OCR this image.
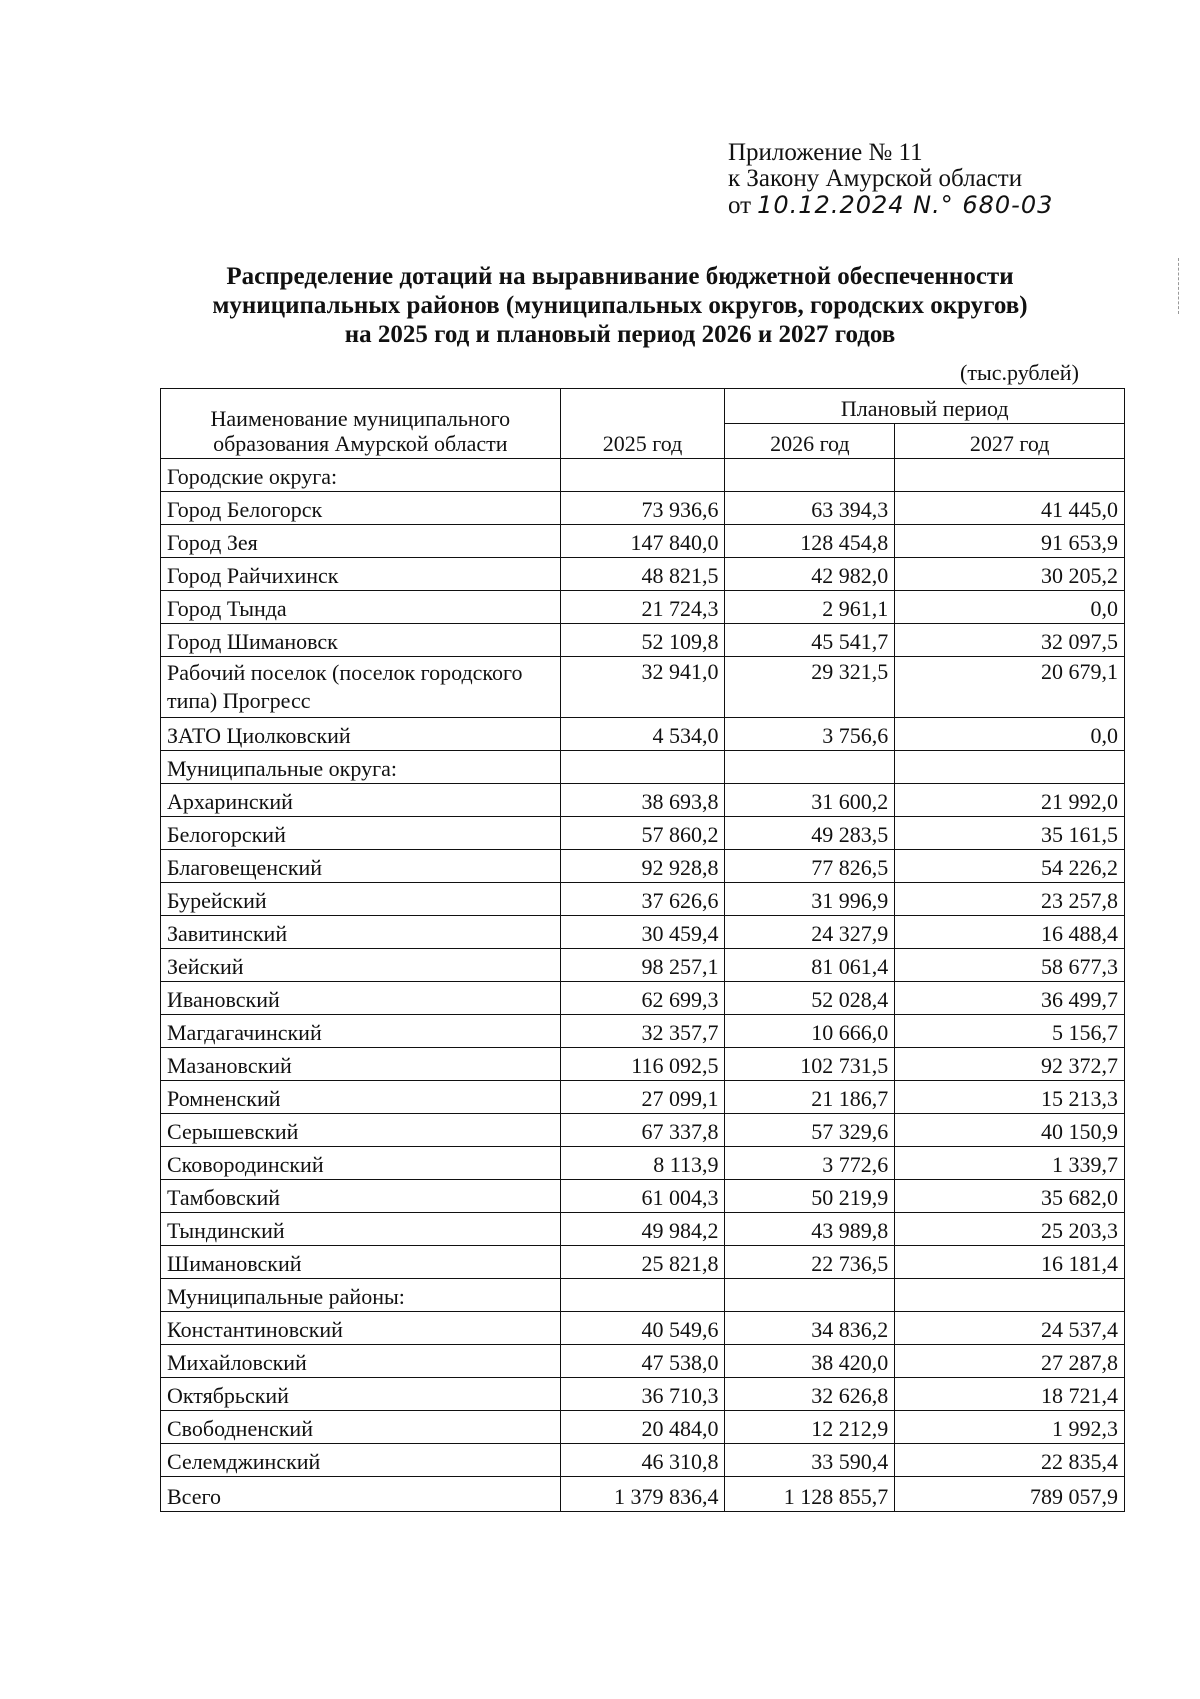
Приложение № 11
к Закону Амурской области
от 10.12.2024 N.° 680-03
Распределение дотаций на выравнивание бюджетной обеспеченности
муниципальных районов (муниципальных округов, городских округов)
на 2025 год и плановый период 2026 и 2027 годов
(тыс.рублей)
Наименование муниципального образования Амурской области	2025 год	Плановый период	
		2026 год	2027 год
Городские округа:			
Город Белогорск	73 936,6	63 394,3	41 445,0
Город Зея	147 840,0	128 454,8	91 653,9
Город Райчихинск	48 821,5	42 982,0	30 205,2
Город Тында	21 724,3	2 961,1	0,0
Город Шимановск	52 109,8	45 541,7	32 097,5
Рабочий поселок (поселок городского типа) Прогресс	32 941,0	29 321,5	20 679,1
ЗАТО Циолковский	4 534,0	3 756,6	0,0
Муниципальные округа:			
Архаринский	38 693,8	31 600,2	21 992,0
Белогорский	57 860,2	49 283,5	35 161,5
Благовещенский	92 928,8	77 826,5	54 226,2
Бурейский	37 626,6	31 996,9	23 257,8
Завитинский	30 459,4	24 327,9	16 488,4
Зейский	98 257,1	81 061,4	58 677,3
Ивановский	62 699,3	52 028,4	36 499,7
Магдагачинский	32 357,7	10 666,0	5 156,7
Мазановский	116 092,5	102 731,5	92 372,7
Ромненский	27 099,1	21 186,7	15 213,3
Серышевский	67 337,8	57 329,6	40 150,9
Сковородинский	8 113,9	3 772,6	1 339,7
Тамбовский	61 004,3	50 219,9	35 682,0
Тындинский	49 984,2	43 989,8	25 203,3
Шимановский	25 821,8	22 736,5	16 181,4
Муниципальные районы:			
Константиновский	40 549,6	34 836,2	24 537,4
Михайловский	47 538,0	38 420,0	27 287,8
Октябрьский	36 710,3	32 626,8	18 721,4
Свободненский	20 484,0	12 212,9	1 992,3
Селемджинский	46 310,8	33 590,4	22 835,4
Всего	1 379 836,4	1 128 855,7	789 057,9
